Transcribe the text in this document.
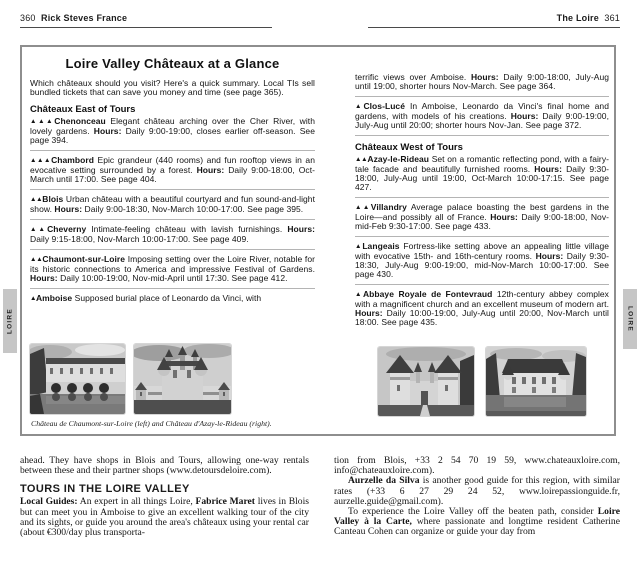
360 Rick Steves France	The Loire 361
Loire Valley Châteaux at a Glance

Which châteaux should you visit? Here's a quick summary. Local TIs sell bundled tickets that can save you money and time (see page 365).

Châteaux East of Tours

▲▲▲Chenonceau Elegant château arching over the Cher River, with lovely gardens. Hours: Daily 9:00-19:00, closes earlier off-season. See page 394.

▲▲▲Chambord Epic grandeur (440 rooms) and fun rooftop views in an evocative setting surrounded by a forest. Hours: Daily 9:00-18:00, Oct-March until 17:00. See page 404.

▲▲Blois Urban château with a beautiful courtyard and fun sound-and-light show. Hours: Daily 9:00-18:30, Nov-March 10:00-17:00. See page 395.

▲▲Cheverny Intimate-feeling château with lavish furnishings. Hours: Daily 9:15-18:00, Nov-March 10:00-17:00. See page 409.

▲▲Chaumont-sur-Loire Imposing setting over the Loire River, notable for its historic connections to America and impressive Festival of Gardens. Hours: Daily 10:00-19:00, Nov-mid-April until 17:30. See page 412.

▲Amboise Supposed burial place of Leonardo da Vinci, with

terrific views over Amboise. Hours: Daily 9:00-18:00, July-Aug until 19:00, shorter hours Nov-March. See page 364.

▲Clos-Lucé In Amboise, Leonardo da Vinci's final home and gardens, with models of his creations. Hours: Daily 9:00-19:00, July-Aug until 20:00; shorter hours Nov-Jan. See page 372.

Châteaux West of Tours

▲▲Azay-le-Rideau Set on a romantic reflecting pond, with a fairy-tale facade and beautifully furnished rooms. Hours: Daily 9:30-18:00, July-Aug until 19:00, Oct-March 10:00-17:15. See page 427.

▲▲Villandry Average palace boasting the best gardens in the Loire—and possibly all of France. Hours: Daily 9:00-18:00, Nov-mid-Feb 9:30-17:00. See page 433.

▲Langeais Fortress-like setting above an appealing little village with evocative 15th- and 16th-century rooms. Hours: Daily 9:30-18:30, July-Aug 9:00-19:00, mid-Nov-March 10:00-17:00. See page 430.

▲Abbaye Royale de Fontevraud 12th-century abbey complex with a magnificent church and an excellent museum of modern art. Hours: Daily 10:00-19:00, July-Aug until 20:00, Nov-March until 18:00. See page 435.

Château de Chaumont-sur-Loire (left) and Château d'Azay-le-Rideau (right).
LOIRE	LOIRE

ahead. They have shops in Blois and Tours, allowing one-way rentals between these and their partner shops (www.detoursdeloire.com).

TOURS IN THE LOIRE VALLEY

Local Guides: An expert in all things Loire, Fabrice Maret lives in Blois but can meet you in Amboise to give an excellent walking tour of the city and its sights, or guide you around the area's châteaux using your rental car (about €300/day plus transporta-

tion from Blois, +33 2 54 70 19 59, www.chateauxloire.com, info@chateauxloire.com).

Aurzelle da Silva is another good guide for this region, with similar rates (+33 6 27 29 24 52, www.loirepassionguide.fr, aurzelle.guide@gmail.com).

To experience the Loire Valley off the beaten path, consider Loire Valley à la Carte, where passionate and longtime resident Catherine Canteau Cohen can organize or guide your day from
